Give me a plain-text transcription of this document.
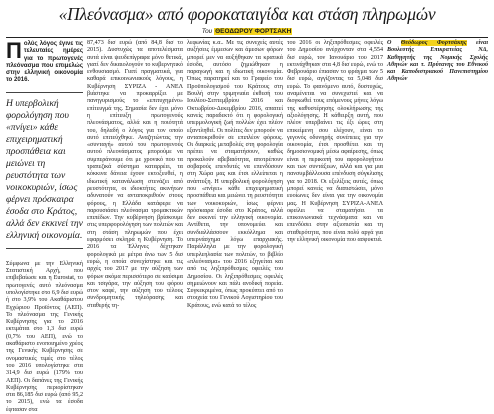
«Πλεόνασμα» από φοροκαταιγίδα και στάση πληρωμών
Του ΘΕΟΔΩΡΟΥ ΦΟΡΤΣΑΚΗ

Πολύς λόγος έγινε τις τελευταίες ημέρες για το πρωτογενές πλεόνασμα που επιμελώς στην ελληνική οικονομία το 2016.

Η υπερβολική φορολόγηση που «πνίγει» κάθε επιχειρηματική προσπάθεια και μειώνει τη ρευστότητα των νοικοκυριών, ίσως φέρνει πρόσκαιρα έσοδα στο Κράτος, αλλά δεν εκκινεί την ελληνική οικονομία.
Σύμφωνα με την Ελληνική Στατιστική Αρχή, που επιβεβαίωσε και η Eurostat, το πρωτογενές αυτό πλεόνασμα υπολογίστηκε στο 6,9 δισ ευρώ ή στο 3,9% του Ακαθάριστου Εγχώριου Προϊόντος (ΑΕΠ). Το πλεόνασμα της Γενικής Κυβέρνησης για το 2016 εκτιμάται στο 1,3 δισ ευρώ (0,7% του ΑΕΠ), ενώ το ακαθάριστο ενοποιημένο χρέος της Γενικής Κυβέρνησης σε ονομαστικές τιμές στο τέλος του 2016 υπολογίστηκε στα 314,9 δισ ευρώ (179% του ΑΕΠ). Οι δαπάνες της Γενικής Κυβέρνησης περιορίστηκαν στα 86,185 δισ ευρώ (από 95,2 το 2015), ενώ τα έσοδα έφτασαν στα

87,473 δισ ευρώ (από 84,8 δισ το 2015). Δυστυχώς τα αποτελέσματα αυτά είναι ψευδεπίγραφα μόνο θετικά, γιατί δεν δικαιολογούν το κυβερνητικό ενθουσιασμό. Γιατί πραγματικά, για καθαρά επικοινωνιακούς λόγους, η Κυβέρνηση ΣΥΡΙΖΑ - ΑΝΕΛ βιάστηκε να προκαρρίξει με πανηγυρισμούς το «επιτυχημένο» επίτευγμά της. Σημασία δεν έχει μόνο η επίτευξη πρωτογενούς πλεονάσματος, αλλά και η ποιότητά του, δηλαδή ο λόγος για τον οποίο αυτό επιτεύχθηκε. Αναζητώντας την «συνταγή» αυτού του πρωτογενούς αυτού πλεονάσματος μπορούμε να συμπεράνουμε ότι με χρονικό που τα τραπεζικά σύστημα καταρρέει, τα κόκκινα δάνεια έχουν εκτοξευθεί, η ιδιωτική κατανάλωση στενάζει από ρευστότητα, οι ιδιοκτήτες ακινήτων αδυνατούν να ανταποκριθούν στους φόρους, η Ελλάδα κατάφερε να παρουσιάσει πλεόνασμα τρομακτικών επιπέδων. Την κυβέρνηση βρίσκουμε στις υπερφορολόγηση των πολιτών και στη στάση πληρωμών που έχει εφαρμόσει σκληρά η Κυβέρνηση. Το 2016 τα Έλληνες δέχτηκαν φορολογικά με μέτρα άνω των 5 δισ ευρώ, η οποία συνεχίστηκε και τις αρχές του 2017 με την αύξηση των φόρων ακόμα περισσότερο σε καύσιμα και τσιγάρα, την αύξηση του φόρου στον καφέ, την αύξηση του τέλους συνδρομητικής τηλεόρασης και σταθερής τη-

λεφωνίας κ.α.. Με τις συνεχείς αυτές αυξήσεις έμμεσων και άμεσων φόρων μπορεί μεν να αυξήθηκαν τα κρατικά έσοδα, αυτόσο ζημιώθηκαν η παραγωγή και η ιδιωτική οικονομία. Όπως παρατηρεί και το Γραφείο του Προϋπολογισμού του Κράτους στη Βουλή στην τριμηνιαία έκθεσή του Ιουλίου-Σεπτεμβρίου 2016 και Οκτωβρίου-Δεκεμβρίου 2016, απαιτεί κανείς παραδεκτό ότι η φορολογική υπερμολογική ζωή πολλών έχει πλέον εξαντληθεί. Οι πολίτες δεν μπορούν να ανταποκριθούν σε επιπλέον φόρους. Οι διαρκείς μεταβολές στη φορολογία πρέπει να σταματήσουν, καθώς προκαλούν αβεβαιότητα, αποτρέπουν σοβαρούς επενδυτές να επενδύσουν στη Χώρα μας και έτσι ελλείπεται η ανάπτυξη. Η υπερβολική φορολόγηση που «πνίγει» κάθε επιχειρηματική προσπάθεια και μειώνει τη ρευστότητα των νοικοκυριών, ίσως φέρνει πρόσκαιρα έσοδα στο Κράτος, αλλά δεν εκκινεί την ελληνική οικονομία. Αντίθετα, την υπονομεύει και συνδιαλλάσσουν εκκόλλημα και υπερνάσχημα λόγω επαρχιακής. Παράλληλα με την φορολογική υπερλεηλασία των πολιτών, το βιβλίο «πλεόνασμα» του 2016 εξηγείται και από τις ληξιπρόθεσμες οφειλές του Δημοσίου. Οι ληξιπρόθεσμες οφειλές σημειώνουν και πάλι ανοδική πορεία. Συγκεκριμένα, όπως προκύπτει από το στοιχεία του Γενικού Λογιστηρίου του Κράτους, ενώ κατά το τέλος

του 2016 οι ληξιπρόθεσμες οφειλές του Δημοσίου ανέρχονταν στα 4,554 δισ ευρώ, τον Ιανουάριο του 2017 εκτινάχθηκαν στα 4,8 δισ ευρώ, ενώ το Φεβρουάριο έπιασαν το φράγμα των 5 δισ ευρώ, αγγίζοντας τα 5,048 δισ ευρώ. Το φαινόμενο αυτό, δυστυχώς, αναμένεται να συνεχιστεί και να διογκωθεί τους επόμενους μήνες λόγω της καθυστέρησης ολοκλήρωσης της αξιολόγησης. Η κάθειρξη αυτή, που πλέον υπερβαίνει τις έξι ώρες στη επικείμενη σου ελέχουν, είναι το γεγονός οδυνηρής συνέπειες για την οικονομία, έτσι προσθέτει και τη δημοσιονομική μέσω αφαίρεσης, όπως είναι η περικοπή του αφορολογήτου και των συντάξεων, αλλά και για μια πανσυμβάλλουσα επένδυση σύγκλισης για το 2018. Οι εξελίξεις αυτές, όπως μπορεί κανείς να διαπιστώσει, μόνο ευοίωνες δεν είναι για την οικονομία μας. Η Κυβέρνηση ΣΥΡΙΖΑ-ΑΝΕΛ οφείλει να σταματήσει τα επικοινωνιακά τεχνάσματα και να επενδύσει στην αξιοπιστία και τη σταθερότητα, που είναι πολύ αργά για την ελληνική οικονομία που ασφυκτιά.

Ο Θεόδωρος Φορτσάκης είναι Βουλευτής Επικρατείας ΝΔ, Καθηγητής της Νομικής Σχολής Αθηνών και τ. Πρύτανης του Εθνικού και Καποδιστριακού Πανεπιστημίου Αθηνών
